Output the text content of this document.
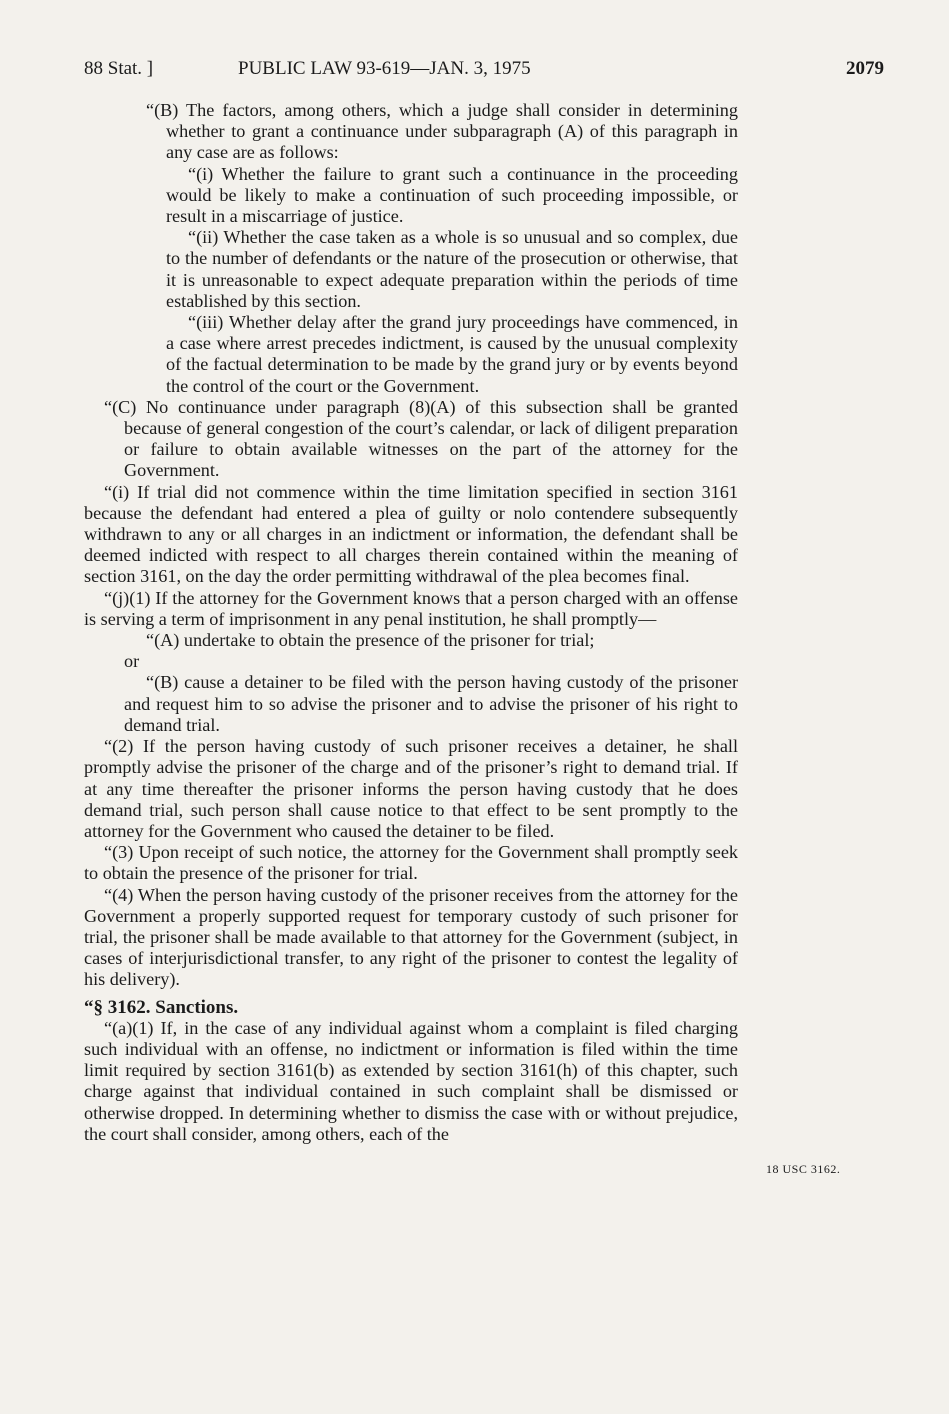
88 Stat. ]	PUBLIC LAW 93-619—JAN. 3, 1975	2079

“(B) The factors, among others, which a judge shall consider in determining whether to grant a continuance under subparagraph (A) of this paragraph in any case are as follows:

“(i) Whether the failure to grant such a continuance in the proceeding would be likely to make a continuation of such proceeding impossible, or result in a miscarriage of justice.

“(ii) Whether the case taken as a whole is so unusual and so complex, due to the number of defendants or the nature of the prosecution or otherwise, that it is unreasonable to expect adequate preparation within the periods of time established by this section.

“(iii) Whether delay after the grand jury proceedings have commenced, in a case where arrest precedes indictment, is caused by the unusual complexity of the factual determination to be made by the grand jury or by events beyond the control of the court or the Government.

“(C) No continuance under paragraph (8)(A) of this subsection shall be granted because of general congestion of the court’s calendar, or lack of diligent preparation or failure to obtain available witnesses on the part of the attorney for the Government.

“(i) If trial did not commence within the time limitation specified in section 3161 because the defendant had entered a plea of guilty or nolo contendere subsequently withdrawn to any or all charges in an indictment or information, the defendant shall be deemed indicted with respect to all charges therein contained within the meaning of section 3161, on the day the order permitting withdrawal of the plea becomes final.

“(j)(1) If the attorney for the Government knows that a person charged with an offense is serving a term of imprisonment in any penal institution, he shall promptly—

“(A) undertake to obtain the presence of the prisoner for trial;

or

“(B) cause a detainer to be filed with the person having custody of the prisoner and request him to so advise the prisoner and to advise the prisoner of his right to demand trial.

“(2) If the person having custody of such prisoner receives a detainer, he shall promptly advise the prisoner of the charge and of the prisoner’s right to demand trial. If at any time thereafter the prisoner informs the person having custody that he does demand trial, such person shall cause notice to that effect to be sent promptly to the attorney for the Government who caused the detainer to be filed.

“(3) Upon receipt of such notice, the attorney for the Government shall promptly seek to obtain the presence of the prisoner for trial.

“(4) When the person having custody of the prisoner receives from the attorney for the Government a properly supported request for temporary custody of such prisoner for trial, the prisoner shall be made available to that attorney for the Government (subject, in cases of interjurisdictional transfer, to any right of the prisoner to contest the legality of his delivery).

“§ 3162. Sanctions.

“(a)(1) If, in the case of any individual against whom a complaint is filed charging such individual with an offense, no indictment or information is filed within the time limit required by section 3161(b) as extended by section 3161(h) of this chapter, such charge against that individual contained in such complaint shall be dismissed or otherwise dropped. In determining whether to dismiss the case with or without prejudice, the court shall consider, among others, each of the

18 USC 3162.
